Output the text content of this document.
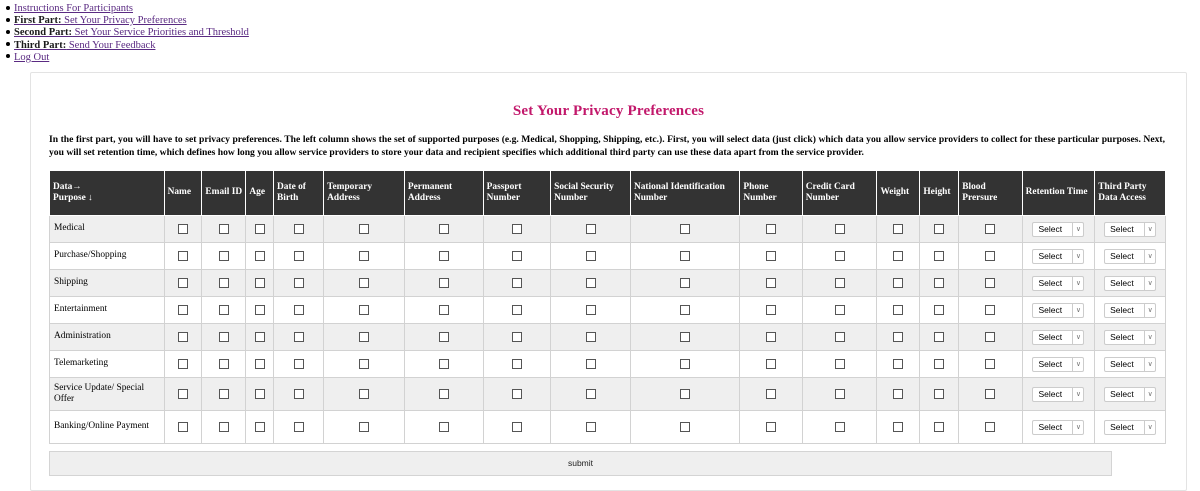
Instructions For Participants
First Part: Set Your Privacy Preferences
Second Part: Set Your Service Priorities and Threshold
Third Part: Send Your Feedback
Log Out
Set Your Privacy Preferences
In the first part, you will have to set privacy preferences. The left column shows the set of supported purposes (e.g. Medical, Shopping, Shipping, etc.). First, you will select data (just click) which data you allow service providers to collect for these particular purposes. Next, you will set retention time, which defines how long you allow service providers to store your data and recipient specifies which additional third party can use these data apart from the service provider.
Data→
Purpose ↓	Name	Email ID	Age	Date of Birth	Temporary Address	Permanent Address	Passport Number	Social Security Number	National Identification Number	Phone Number	Credit Card Number	Weight	Height	Blood Prersure	Retention Time	Third Party Data Access
Medical															Select ∨	Select ∨

Purchase/Shopping															Select ∨	Select ∨

Shipping															Select ∨	Select ∨

Entertainment															Select ∨	Select ∨

Administration															Select ∨	Select ∨

Telemarketing															Select ∨	Select ∨

Service Update/ Special Offer															Select ∨	Select ∨

Banking/Online Payment															Select ∨	Select ∨
submit
